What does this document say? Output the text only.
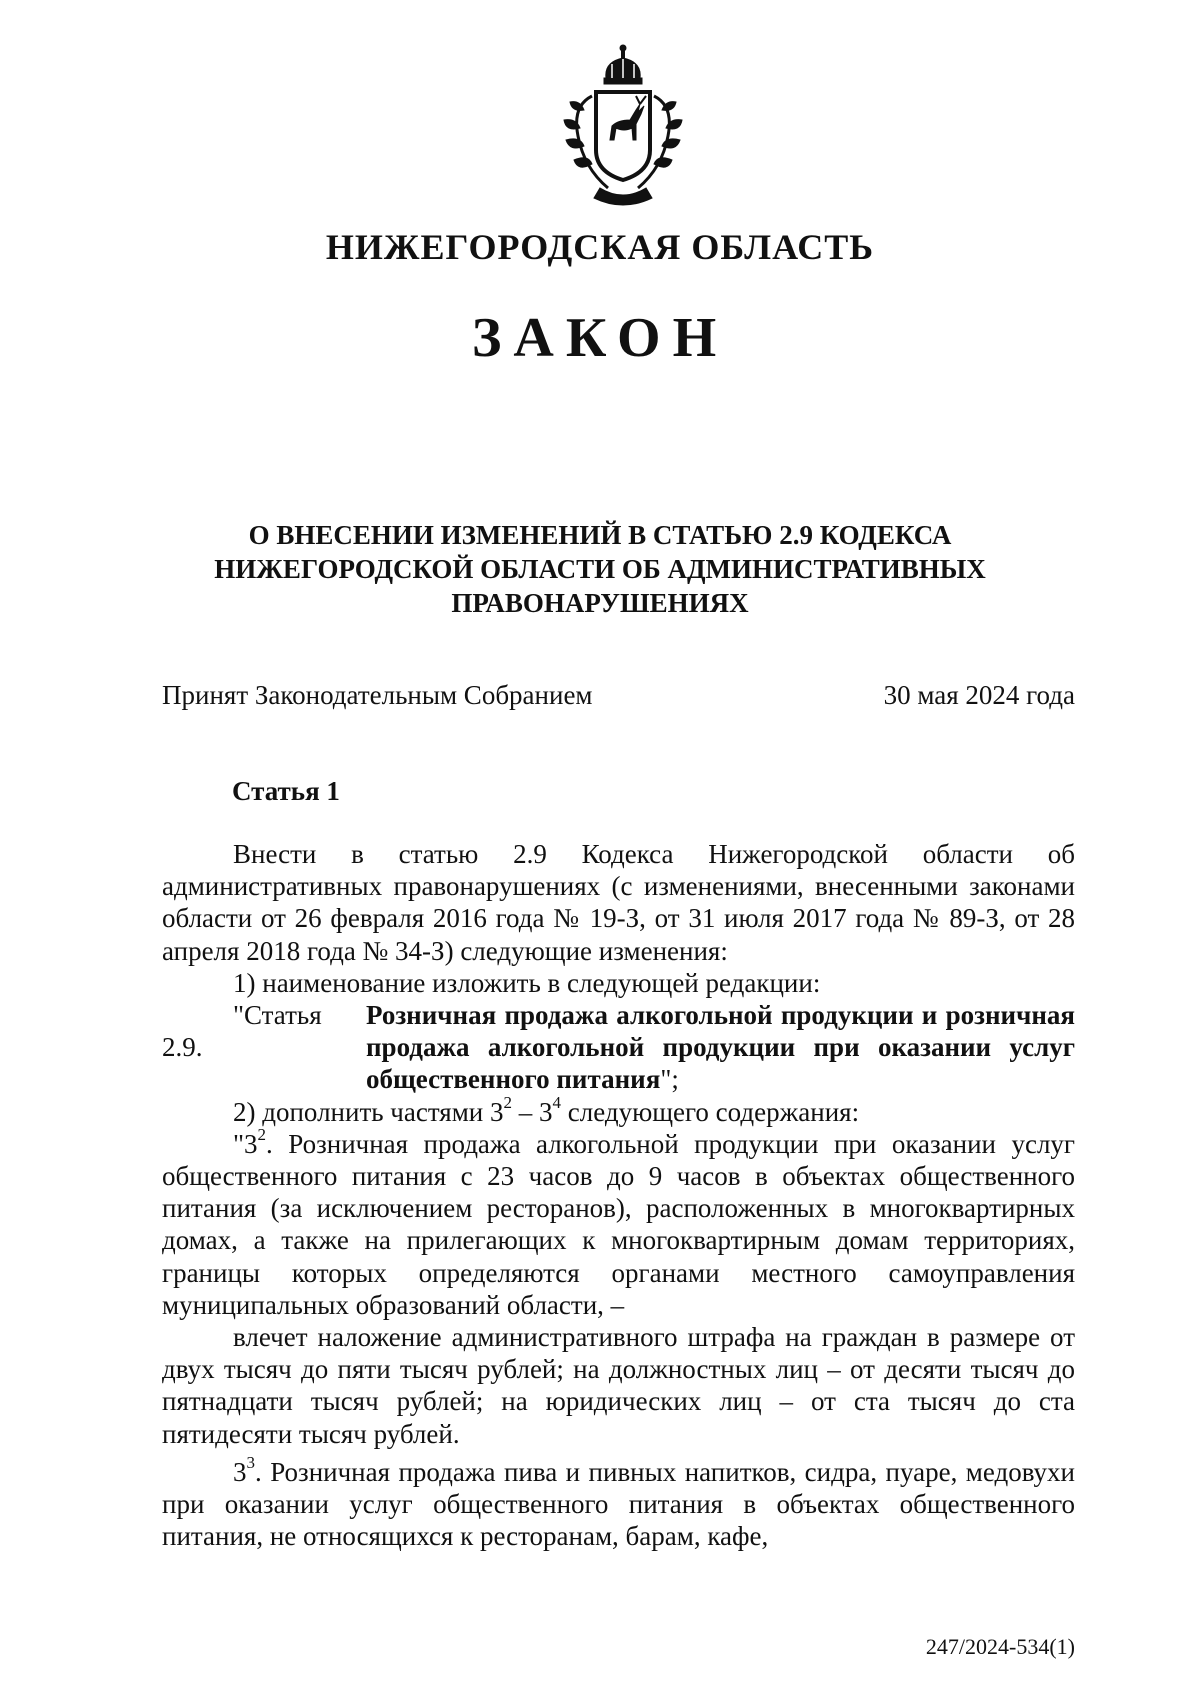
НИЖЕГОРОДСКАЯ ОБЛАСТЬ
ЗАКОН
О ВНЕСЕНИИ ИЗМЕНЕНИЙ В СТАТЬЮ 2.9 КОДЕКСА
НИЖЕГОРОДСКОЙ ОБЛАСТИ ОБ АДМИНИСТРАТИВНЫХ
ПРАВОНАРУШЕНИЯХ
Принят Законодательным Собранием	30 мая 2024 года
Статья 1

Внести в статью 2.9 Кодекса Нижегородской области об административных правонарушениях (с изменениями, внесенными законами области от 26 февраля 2016 года № 19-З, от 31 июля 2017 года № 89-З, от 28 апреля 2018 года № 34-З) следующие изменения:

1) наименование изложить в следующей редакции:

"Статья 2.9.
Розничная продажа алкогольной продукции и розничная продажа алкогольной продукции при оказании услуг общественного питания";

2) дополнить частями $3^2 - 3^4$ следующего содержания:

"$3^2$. Розничная продажа алкогольной продукции при оказании услуг общественного питания с 23 часов до 9 часов в объектах общественного питания (за исключением ресторанов), расположенных в многоквартирных домах, а также на прилегающих к многоквартирным домам территориях, границы которых определяются органами местного самоуправления муниципальных образований области, –

влечет наложение административного штрафа на граждан в размере от двух тысяч до пяти тысяч рублей; на должностных лиц – от десяти тысяч до пятнадцати тысяч рублей; на юридических лиц – от ста тысяч до ста пятидесяти тысяч рублей.

$3^3$. Розничная продажа пива и пивных напитков, сидра, пуаре, медовухи при оказании услуг общественного питания в объектах общественного питания, не относящихся к ресторанам, барам, кафе,

247/2024-534(1)
